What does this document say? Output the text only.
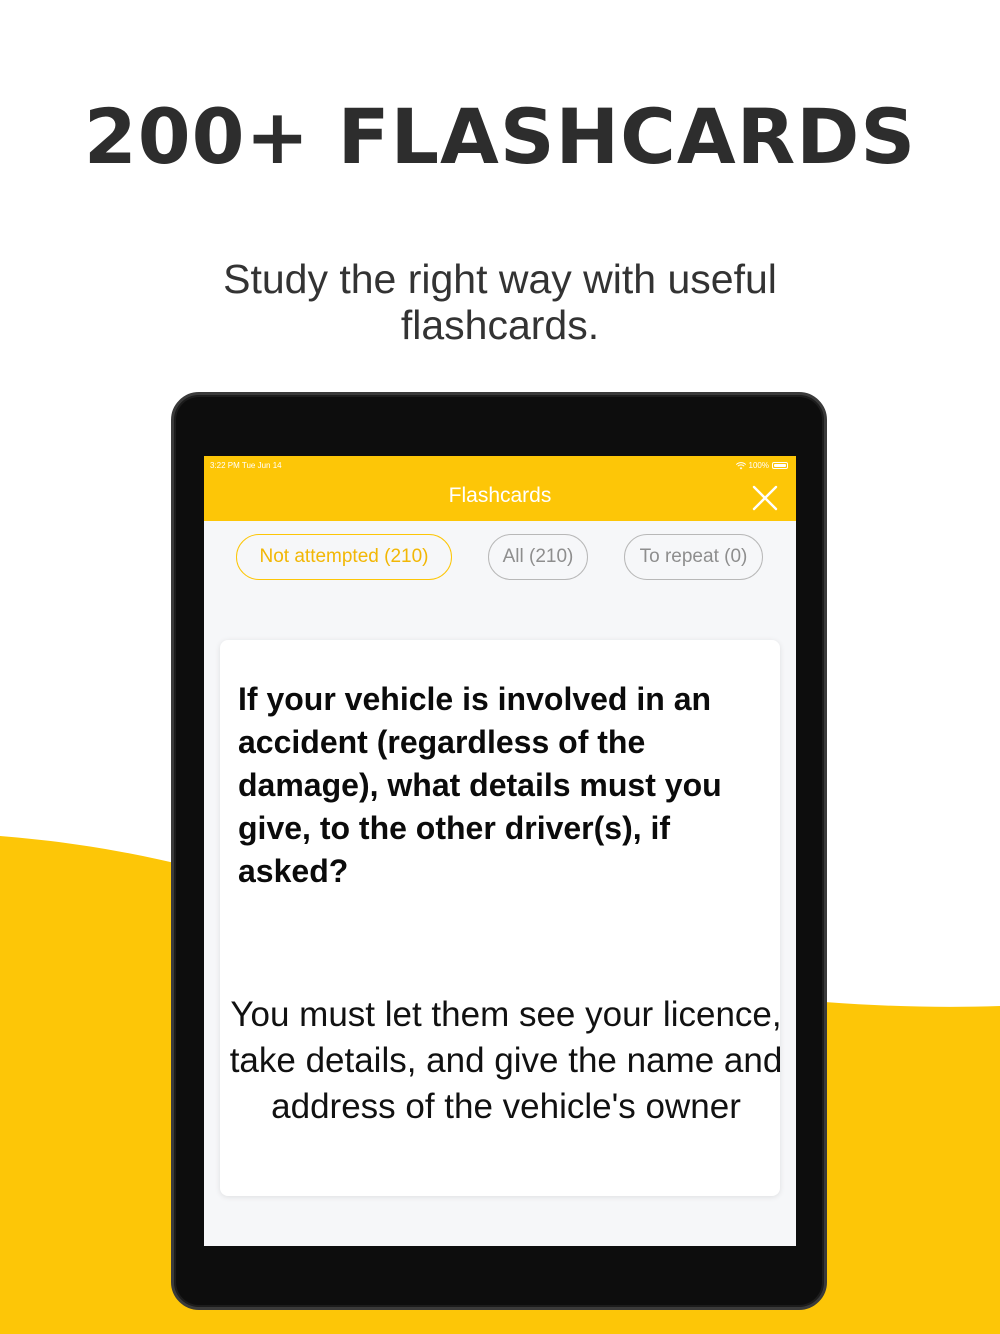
200+ FLASHCARDS
Study the right way with useful flashcards.
3:22 PM Tue Jun 14	100%
Flashcards
Not attempted (210)	All (210)	To repeat (0)
If your vehicle is involved in an accident (regardless of the damage), what details must you give, to the other driver(s), if asked?
You must let them see your licence, take details, and give the name and address of the vehicle's owner
